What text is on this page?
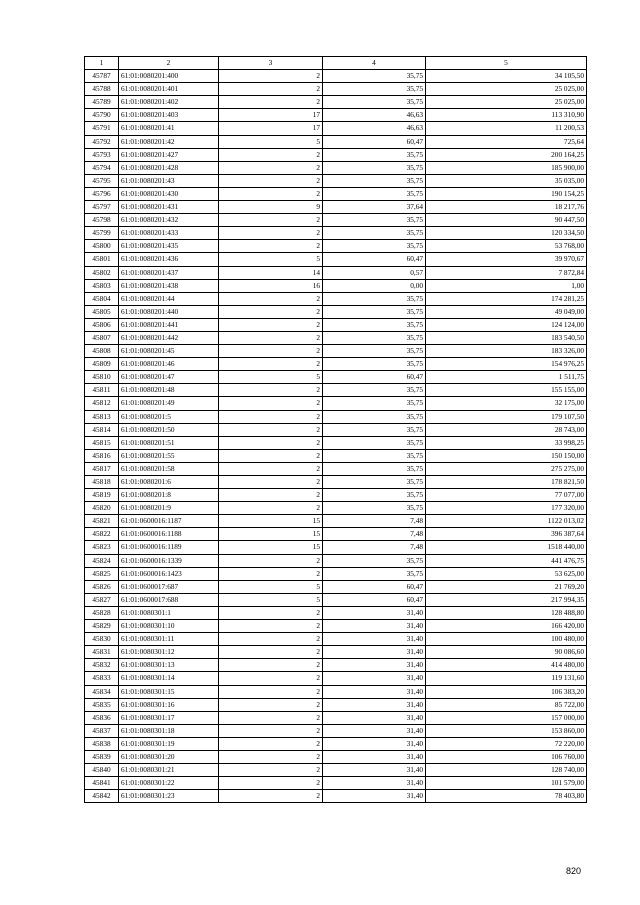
1	2	3	4	5
45787	61:01:0080201:400	2	35,75	34 105,50
45788	61:01:0080201:401	2	35,75	25 025,00
45789	61:01:0080201:402	2	35,75	25 025,00
45790	61:01:0080201:403	17	46,63	113 310,90
45791	61:01:0080201:41	17	46,63	11 200,53
45792	61:01:0080201:42	5	60,47	725,64
45793	61:01:0080201:427	2	35,75	200 164,25
45794	61:01:0080201:428	2	35,75	185 900,00
45795	61:01:0080201:43	2	35,75	35 035,00
45796	61:01:0080201:430	2	35,75	190 154,25
45797	61:01:0080201:431	9	37,64	18 217,76
45798	61:01:0080201:432	2	35,75	90 447,50
45799	61:01:0080201:433	2	35,75	120 334,50
45800	61:01:0080201:435	2	35,75	53 768,00
45801	61:01:0080201:436	5	60,47	39 970,67
45802	61:01:0080201:437	14	0,57	7 872,84
45803	61:01:0080201:438	16	0,00	1,00
45804	61:01:0080201:44	2	35,75	174 281,25
45805	61:01:0080201:440	2	35,75	49 049,00
45806	61:01:0080201:441	2	35,75	124 124,00
45807	61:01:0080201:442	2	35,75	183 540,50
45808	61:01:0080201:45	2	35,75	183 326,00
45809	61:01:0080201:46	2	35,75	154 976,25
45810	61:01:0080201:47	5	60,47	1 511,75
45811	61:01:0080201:48	2	35,75	155 155,00
45812	61:01:0080201:49	2	35,75	32 175,00
45813	61:01:0080201:5	2	35,75	179 107,50
45814	61:01:0080201:50	2	35,75	28 743,00
45815	61:01:0080201:51	2	35,75	33 998,25
45816	61:01:0080201:55	2	35,75	150 150,00
45817	61:01:0080201:58	2	35,75	275 275,00
45818	61:01:0080201:6	2	35,75	178 821,50
45819	61:01:0080201:8	2	35,75	77 077,00
45820	61:01:0080201:9	2	35,75	177 320,00
45821	61:01:0600016:1187	15	7,48	1122 013,02
45822	61:01:0600016:1188	15	7,48	396 387,64
45823	61:01:0600016:1189	15	7,48	1518 440,00
45824	61:01:0600016:1339	2	35,75	441 476,75
45825	61:01:0600016:1423	2	35,75	53 625,00
45826	61:01:0600017:687	5	60,47	21 769,20
45827	61:01:0600017:688	5	60,47	217 994,35
45828	61:01:0080301:1	2	31,40	128 488,80
45829	61:01:0080301:10	2	31,40	166 420,00
45830	61:01:0080301:11	2	31,40	100 480,00
45831	61:01:0080301:12	2	31,40	90 086,60
45832	61:01:0080301:13	2	31,40	414 480,00
45833	61:01:0080301:14	2	31,40	119 131,60
45834	61:01:0080301:15	2	31,40	106 383,20
45835	61:01:0080301:16	2	31,40	85 722,00
45836	61:01:0080301:17	2	31,40	157 000,00
45837	61:01:0080301:18	2	31,40	153 860,00
45838	61:01:0080301:19	2	31,40	72 220,00
45839	61:01:0080301:20	2	31,40	106 760,00
45840	61:01:0080301:21	2	31,40	128 740,00
45841	61:01:0080301:22	2	31,40	101 579,00
45842	61:01:0080301:23	2	31,40	78 403,80
820
